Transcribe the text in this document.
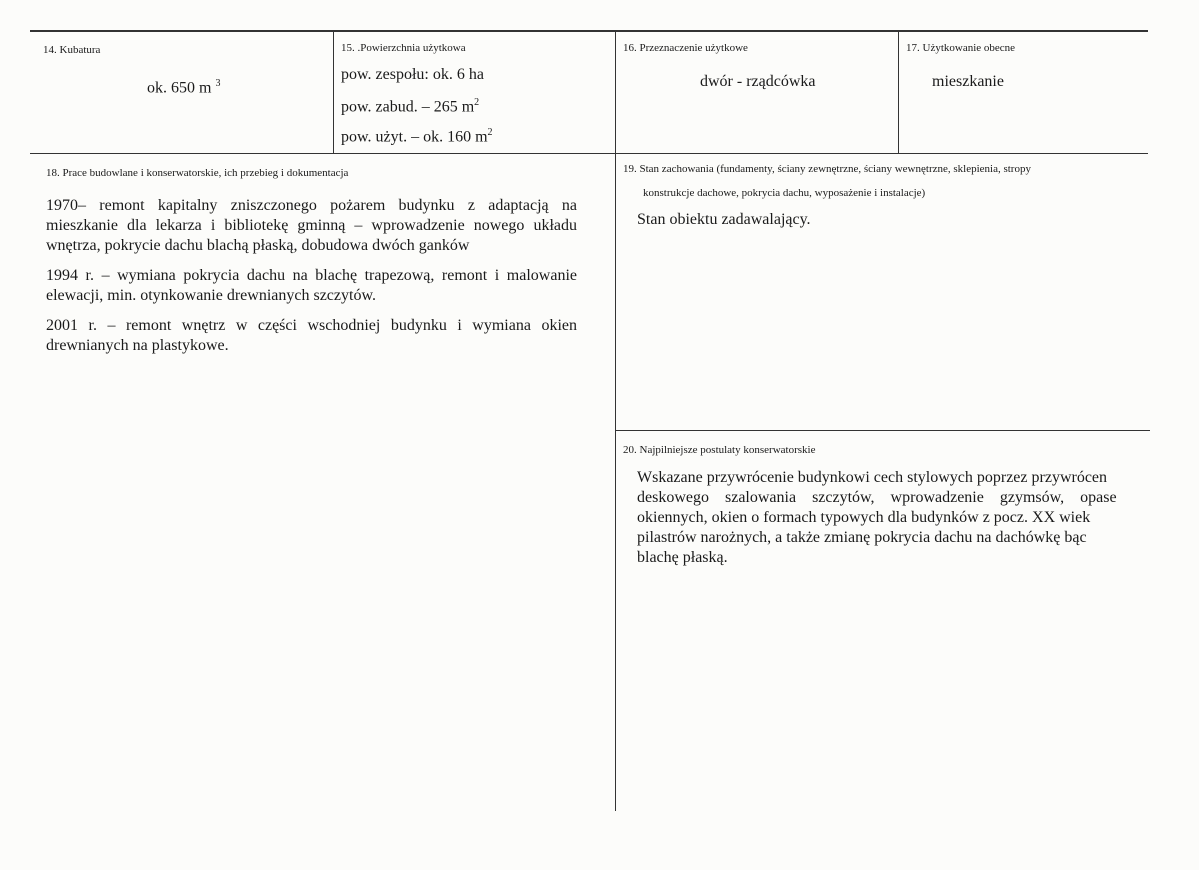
14. Kubatura
ok. 650 m $^3$
15. .Powierzchnia użytkowa
pow. zespołu: ok. 6 ha
pow. zabud. – 265 $m^2$
pow. użyt. – ok. 160 $m^2$
16. Przeznaczenie użytkowe
dwór - rządcówka
17. Użytkowanie obecne
mieszkanie
18. Prace budowlane i konserwatorskie, ich przebieg i dokumentacja
1970– remont kapitalny zniszczonego pożarem budynku z adaptacją na
mieszkanie dla lekarza i bibliotekę gminną – wprowadzenie nowego układu
wnętrza, pokrycie dachu blachą płaską, dobudowa dwóch ganków
1994 r. – wymiana pokrycia dachu na blachę trapezową, remont i malowanie
elewacji, min. otynkowanie drewnianych szczytów.
2001 r. – remont wnętrz w części wschodniej budynku i wymiana okien
drewnianych na plastykowe.
19. Stan zachowania (fundamenty, ściany zewnętrzne, ściany wewnętrzne, sklepienia, stropy
konstrukcje dachowe, pokrycia dachu, wyposażenie i instalacje)
Stan obiektu zadawalający.
20. Najpilniejsze postulaty konserwatorskie
Wskazane przywrócenie budynkowi cech stylowych poprzez przywrócen
deskowego    szalowania    szczytów,    wprowadzenie    gzymsów,    opase
okiennych, okien o formach typowych dla budynków z pocz. XX wiek
pilastrów narożnych, a także zmianę pokrycia dachu na dachówkę bąc
blachę płaską.
